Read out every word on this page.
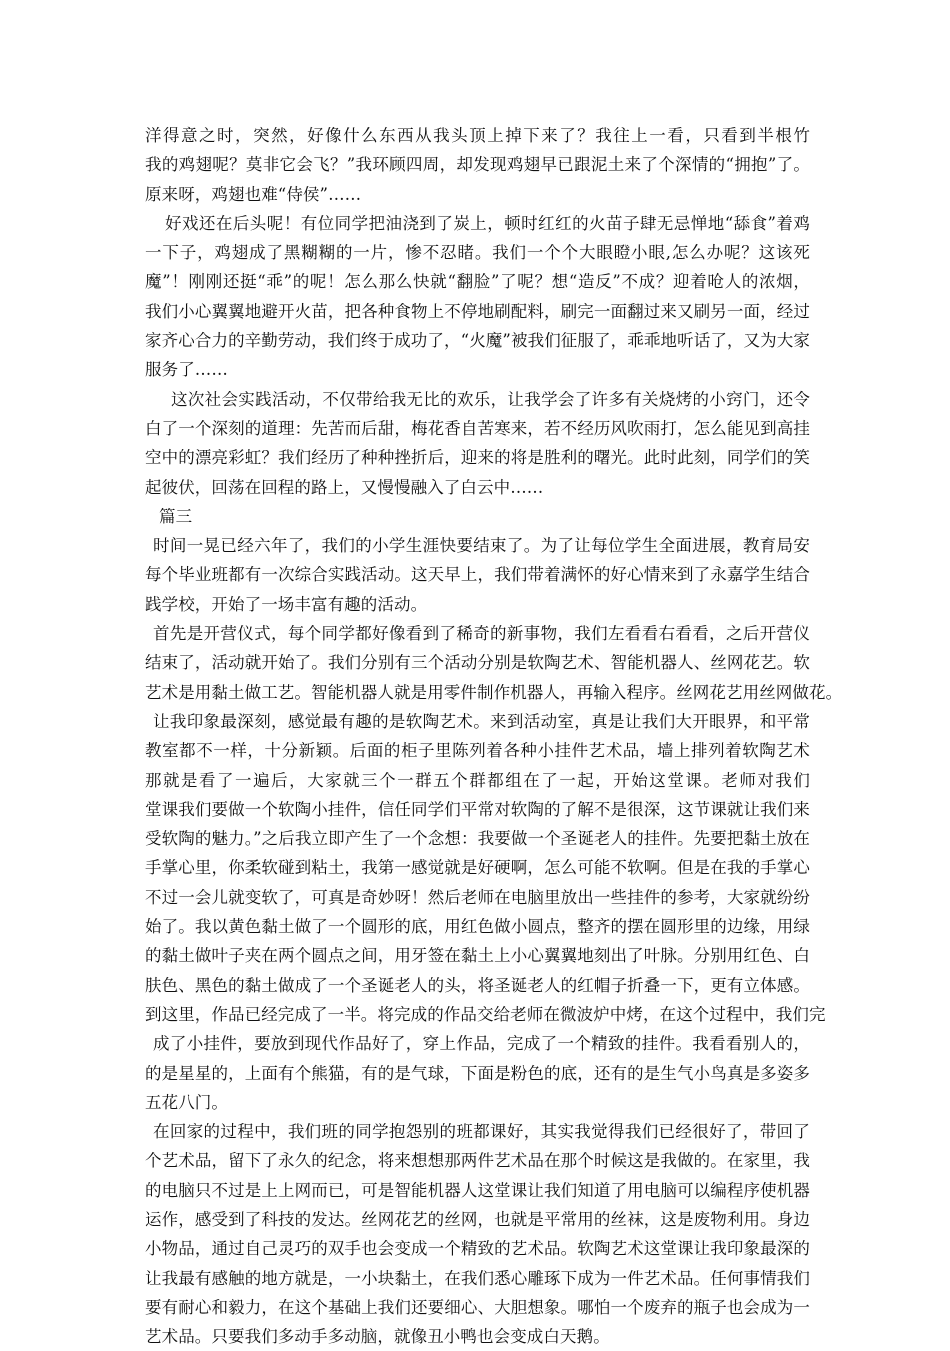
洋得意之时，突然，好像什么东西从我头顶上掉下来了？我往上一看，只看到半根竹
我的鸡翅呢？莫非它会飞？”我环顾四周，却发现鸡翅早已跟泥土来了个深情的“拥抱”了。
原来呀，鸡翅也难“侍侯”……
好戏还在后头呢！有位同学把油浇到了炭上，顿时红红的火苗子肆无忌惮地“舔食”着鸡
一下子，鸡翅成了黑糊糊的一片，惨不忍睹。我们一个个大眼瞪小眼,怎么办呢？这该死
魔”！刚刚还挺“乖”的呢！怎么那么快就“翻脸”了呢？想“造反”不成？迎着呛人的浓烟，
我们小心翼翼地避开火苗，把各种食物上不停地刷配料，刷完一面翻过来又刷另一面，经过
家齐心合力的辛勤劳动，我们终于成功了，“火魔”被我们征服了，乖乖地听话了，又为大家
服务了……
这次社会实践活动，不仅带给我无比的欢乐，让我学会了许多有关烧烤的小窍门，还令
白了一个深刻的道理：先苦而后甜，梅花香自苦寒来，若不经历风吹雨打，怎么能见到高挂
空中的漂亮彩虹？我们经历了种种挫折后，迎来的将是胜利的曙光。此时此刻，同学们的笑
起彼伏，回荡在回程的路上，又慢慢融入了白云中……
篇三
时间一晃已经六年了，我们的小学生涯快要结束了。为了让每位学生全面进展，教育局安
每个毕业班都有一次综合实践活动。这天早上，我们带着满怀的好心情来到了永嘉学生结合
践学校，开始了一场丰富有趣的活动。
首先是开营仪式，每个同学都好像看到了稀奇的新事物，我们左看看右看看，之后开营仪
结束了，活动就开始了。我们分别有三个活动分别是软陶艺术、智能机器人、丝网花艺。软
艺术是用黏土做工艺。智能机器人就是用零件制作机器人，再输入程序。丝网花艺用丝网做花。
让我印象最深刻，感觉最有趣的是软陶艺术。来到活动室，真是让我们大开眼界，和平常
教室都不一样，十分新颖。后面的柜子里陈列着各种小挂件艺术品，墙上排列着软陶艺术
那就是看了一遍后，大家就三个一群五个群都组在了一起，开始这堂课。老师对我们
堂课我们要做一个软陶小挂件，信任同学们平常对软陶的了解不是很深，这节课就让我们来
受软陶的魅力。”之后我立即产生了一个念想：我要做一个圣诞老人的挂件。先要把黏土放在
手掌心里，你柔软碰到粘土，我第一感觉就是好硬啊，怎么可能不软啊。但是在我的手掌心
不过一会儿就变软了，可真是奇妙呀！然后老师在电脑里放出一些挂件的参考，大家就纷纷
始了。我以黄色黏土做了一个圆形的底，用红色做小圆点，整齐的摆在圆形里的边缘，用绿
的黏土做叶子夹在两个圆点之间，用牙签在黏土上小心翼翼地刻出了叶脉。分别用红色、白
肤色、黑色的黏土做成了一个圣诞老人的头，将圣诞老人的红帽子折叠一下，更有立体感。
到这里，作品已经完成了一半。将完成的作品交给老师在微波炉中烤，在这个过程中，我们完
成了小挂件，要放到现代作品好了，穿上作品，完成了一个精致的挂件。我看看别人的，
的是星星的，上面有个熊猫，有的是气球，下面是粉色的底，还有的是生气小鸟真是多姿多
五花八门。
在回家的过程中，我们班的同学抱怨别的班都课好，其实我觉得我们已经很好了，带回了
个艺术品，留下了永久的纪念，将来想想那两件艺术品在那个时候这是我做的。在家里，我
的电脑只不过是上上网而已，可是智能机器人这堂课让我们知道了用电脑可以编程序使机器
运作，感受到了科技的发达。丝网花艺的丝网，也就是平常用的丝袜，这是废物利用。身边
小物品，通过自己灵巧的双手也会变成一个精致的艺术品。软陶艺术这堂课让我印象最深的
让我最有感触的地方就是，一小块黏土，在我们悉心雕琢下成为一件艺术品。任何事情我们
要有耐心和毅力，在这个基础上我们还要细心、大胆想象。哪怕一个废弃的瓶子也会成为一
艺术品。只要我们多动手多动脑，就像丑小鸭也会变成白天鹅。
